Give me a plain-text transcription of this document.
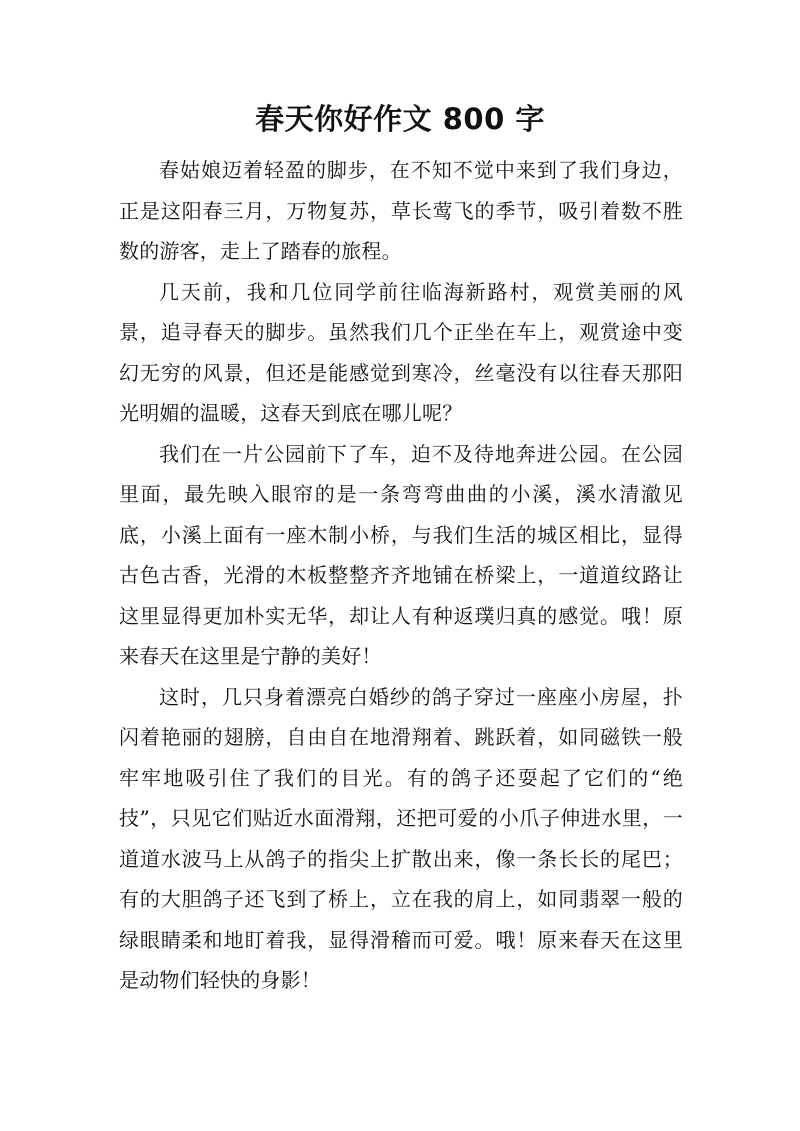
春天你好作文 800 字

春姑娘迈着轻盈的脚步，在不知不觉中来到了我们身边，正是这阳春三月，万物复苏，草长莺飞的季节，吸引着数不胜数的游客，走上了踏春的旅程。

几天前，我和几位同学前往临海新路村，观赏美丽的风景，追寻春天的脚步。虽然我们几个正坐在车上，观赏途中变幻无穷的风景，但还是能感觉到寒冷，丝毫没有以往春天那阳光明媚的温暖，这春天到底在哪儿呢？

我们在一片公园前下了车，迫不及待地奔进公园。在公园里面，最先映入眼帘的是一条弯弯曲曲的小溪，溪水清澈见底，小溪上面有一座木制小桥，与我们生活的城区相比，显得古色古香，光滑的木板整整齐齐地铺在桥梁上，一道道纹路让这里显得更加朴实无华，却让人有种返璞归真的感觉。哦！原来春天在这里是宁静的美好！

这时，几只身着漂亮白婚纱的鸽子穿过一座座小房屋，扑闪着艳丽的翅膀，自由自在地滑翔着、跳跃着，如同磁铁一般牢牢地吸引住了我们的目光。有的鸽子还耍起了它们的“绝技”，只见它们贴近水面滑翔，还把可爱的小爪子伸进水里，一道道水波马上从鸽子的指尖上扩散出来，像一条长长的尾巴；有的大胆鸽子还飞到了桥上，立在我的肩上，如同翡翠一般的绿眼睛柔和地盯着我，显得滑稽而可爱。哦！原来春天在这里是动物们轻快的身影！
